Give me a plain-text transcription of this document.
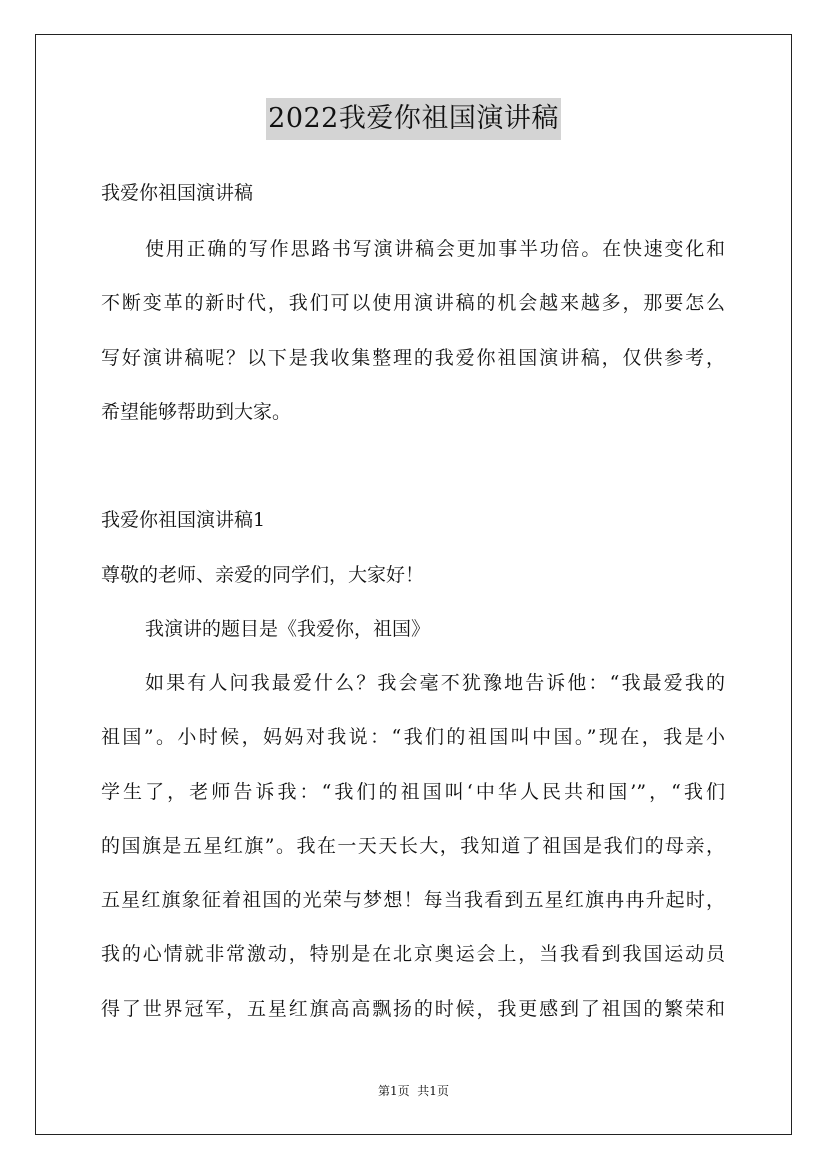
2022我爱你祖国演讲稿
我爱你祖国演讲稿
使用正确的写作思路书写演讲稿会更加事半功倍。在快速变化和
不断变革的新时代，我们可以使用演讲稿的机会越来越多，那要怎么
写好演讲稿呢？以下是我收集整理的我爱你祖国演讲稿，仅供参考，
希望能够帮助到大家。
我爱你祖国演讲稿1
尊敬的老师、亲爱的同学们，大家好！
我演讲的题目是《我爱你，祖国》
如果有人问我最爱什么？我会毫不犹豫地告诉他：“我最爱我的
祖国”。小时候，妈妈对我说：“我们的祖国叫中国。”现在，我是小
学生了，老师告诉我：“我们的祖国叫‘中华人民共和国’”，“我们
的国旗是五星红旗”。我在一天天长大，我知道了祖国是我们的母亲，
五星红旗象征着祖国的光荣与梦想！每当我看到五星红旗冉冉升起时，
我的心情就非常激动，特别是在北京奥运会上，当我看到我国运动员
得了世界冠军，五星红旗高高飘扬的时候，我更感到了祖国的繁荣和
第1页  共1页
